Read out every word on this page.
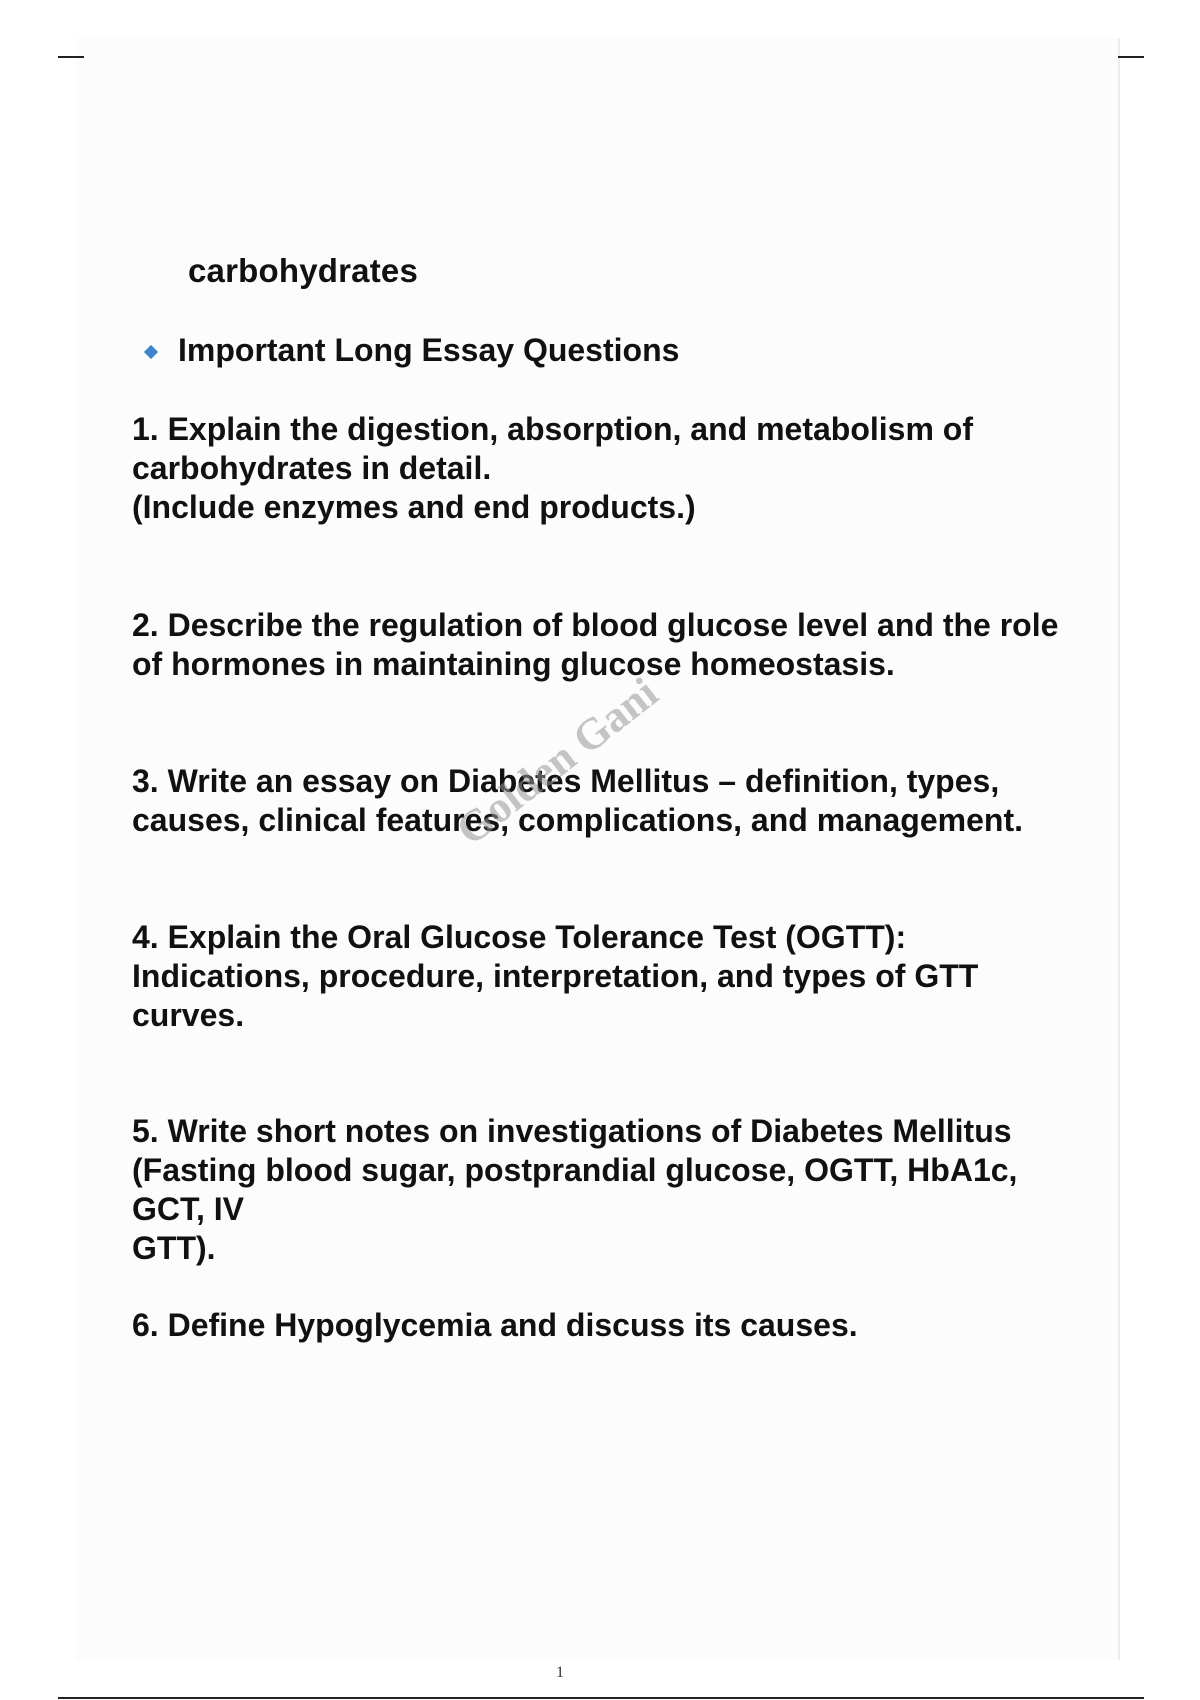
carbohydrates
Important Long Essay Questions
1. Explain the digestion, absorption, and metabolism of
carbohydrates in detail.
(Include enzymes and end products.)
2. Describe the regulation of blood glucose level and the role
of hormones in maintaining glucose homeostasis.
3. Write an essay on Diabetes Mellitus – definition, types,
causes, clinical features, complications, and management.
4. Explain the Oral Glucose Tolerance Test (OGTT):
Indications, procedure, interpretation, and types of GTT
curves.
5. Write short notes on investigations of Diabetes Mellitus
(Fasting blood sugar, postprandial glucose, OGTT, HbA1c, GCT, IV
GTT).
6. Define Hypoglycemia and discuss its causes.
Golden Gani
1
